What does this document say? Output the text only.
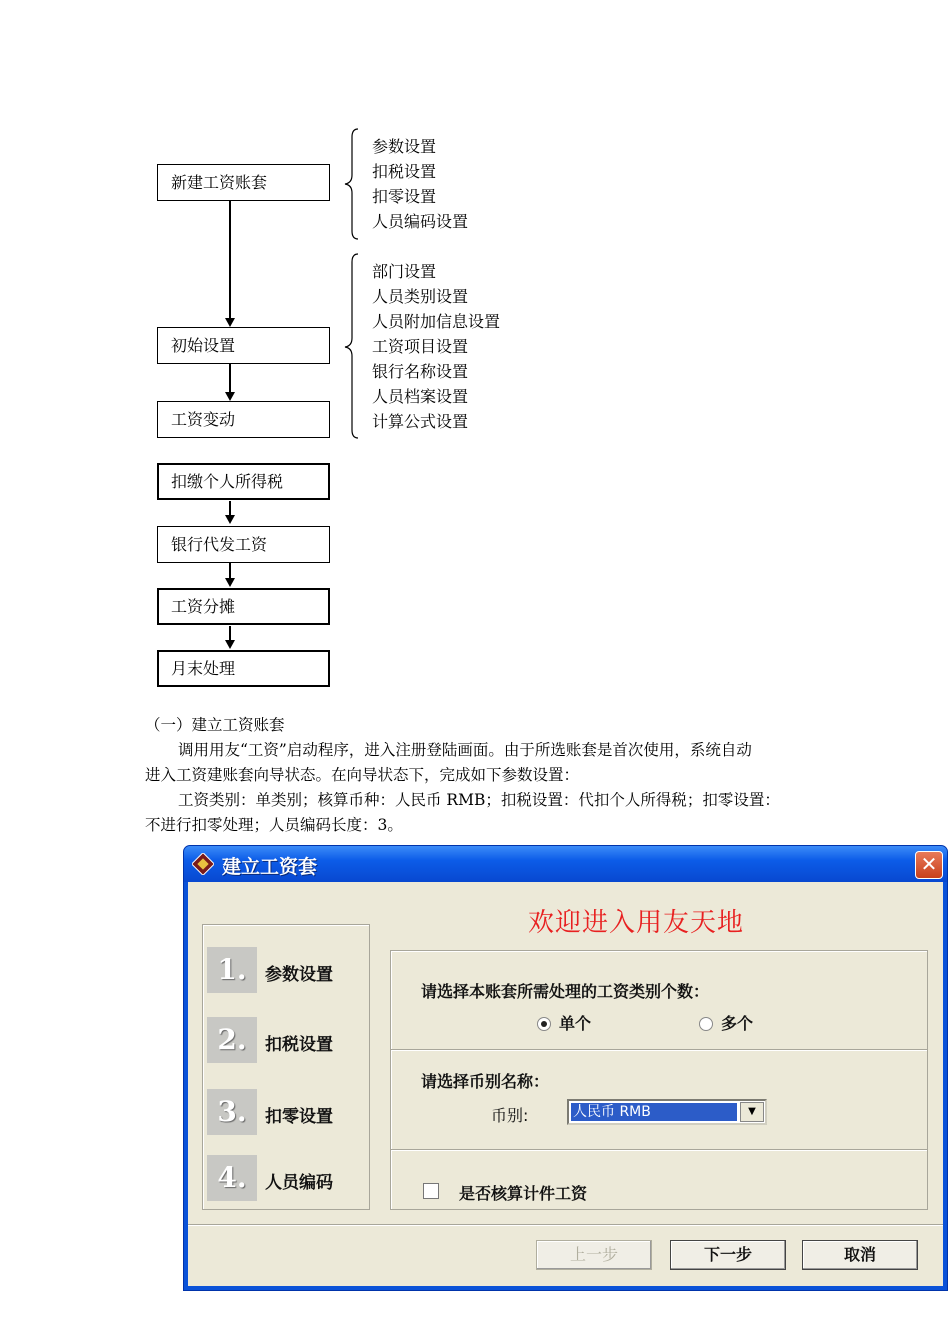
新建工资账套
初始设置
工资变动
扣缴个人所得税
银行代发工资
工资分摊
月末处理
参数设置
扣税设置
扣零设置
人员编码设置
部门设置
人员类别设置
人员附加信息设置
工资项目设置
银行名称设置
人员档案设置
计算公式设置

（一）建立工资账套

调用用友“工资”启动程序，进入注册登陆画面。由于所选账套是首次使用，系统自动

进入工资建账套向导状态。在向导状态下，完成如下参数设置：

工资类别：单类别；核算币种：人民币 RMB；扣税设置：代扣个人所得税；扣零设置：

不进行扣零处理；人员编码长度：3。

建立工资套	✕
欢迎进入用友天地
1.	参数设置
2.	扣税设置
3.	扣零设置
4.	人员编码
请选择本账套所需处理的工资类别个数：
单个	多个
请选择币别名称：
币别:	人民币 RMB	▼
是否核算计件工资
上一步	下一步	取消
